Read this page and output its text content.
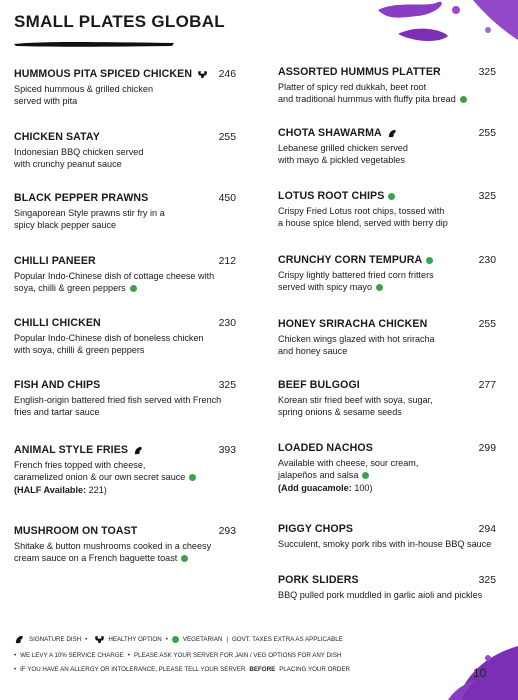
SMALL PLATES GLOBAL
HUMMOUS PITA SPICED CHICKEN	246
Spiced hummous & grilled chicken
served with pita
CHICKEN SATAY	255
Indonesian BBQ chicken served
with crunchy peanut sauce
BLACK PEPPER PRAWNS	450
Singaporean Style prawns stir fry in a
spicy black pepper sauce
CHILLI PANEER	212
Popular Indo-Chinese dish of cottage cheese with
soya, chilli & green peppers
CHILLI CHICKEN	230
Popular Indo-Chinese dish of boneless chicken
with soya, chilli & green peppers
FISH AND CHIPS	325
English-origin battered fried fish served with French
fries and tartar sauce
ANIMAL STYLE FRIES	393
French fries topped with cheese,
caramelized onion & our own secret sauce
(HALF Available: 221)
MUSHROOM ON TOAST	293
Shitake & button mushrooms cooked in a cheesy
cream sauce on a French baguette toast
ASSORTED HUMMUS PLATTER	325
Platter of spicy red dukkah, beet root
and traditional hummus with fluffy pita bread
CHOTA SHAWARMA	255
Lebanese grilled chicken served
with mayo & pickled vegetables
LOTUS ROOT CHIPS	325
Crispy Fried Lotus root chips, tossed with
a house spice blend, served with berry dip
CRUNCHY CORN TEMPURA	230
Crispy lightly battered fried corn fritters
served with spicy mayo
HONEY SRIRACHA CHICKEN	255
Chicken wings glazed with hot sriracha
and honey sauce
BEEF BULGOGI	277
Korean stir fried beef with soya, sugar,
spring onions & sesame seeds
LOADED NACHOS	299
Available with cheese, sour cream,
jalapeños and salsa
(Add guacamole: 100)
PIGGY CHOPS	294
Succulent, smoky pork ribs with in-house BBQ sauce
PORK SLIDERS	325
BBQ pulled pork muddled in garlic aioli and pickles
SIGNATURE DISH •	HEALTHY OPTION • VEGETARIAN | GOVT. TAXES EXTRA AS APPLICABLE
• WE LEVY A 10% SERVICE CHARGE • PLEASE ASK YOUR SERVER FOR JAIN / VEG OPTIONS FOR ANY DISH
• IF YOU HAVE AN ALLERGY OR INTOLERANCE, PLEASE TELL YOUR SERVER BEFORE PLACING YOUR ORDER	10
